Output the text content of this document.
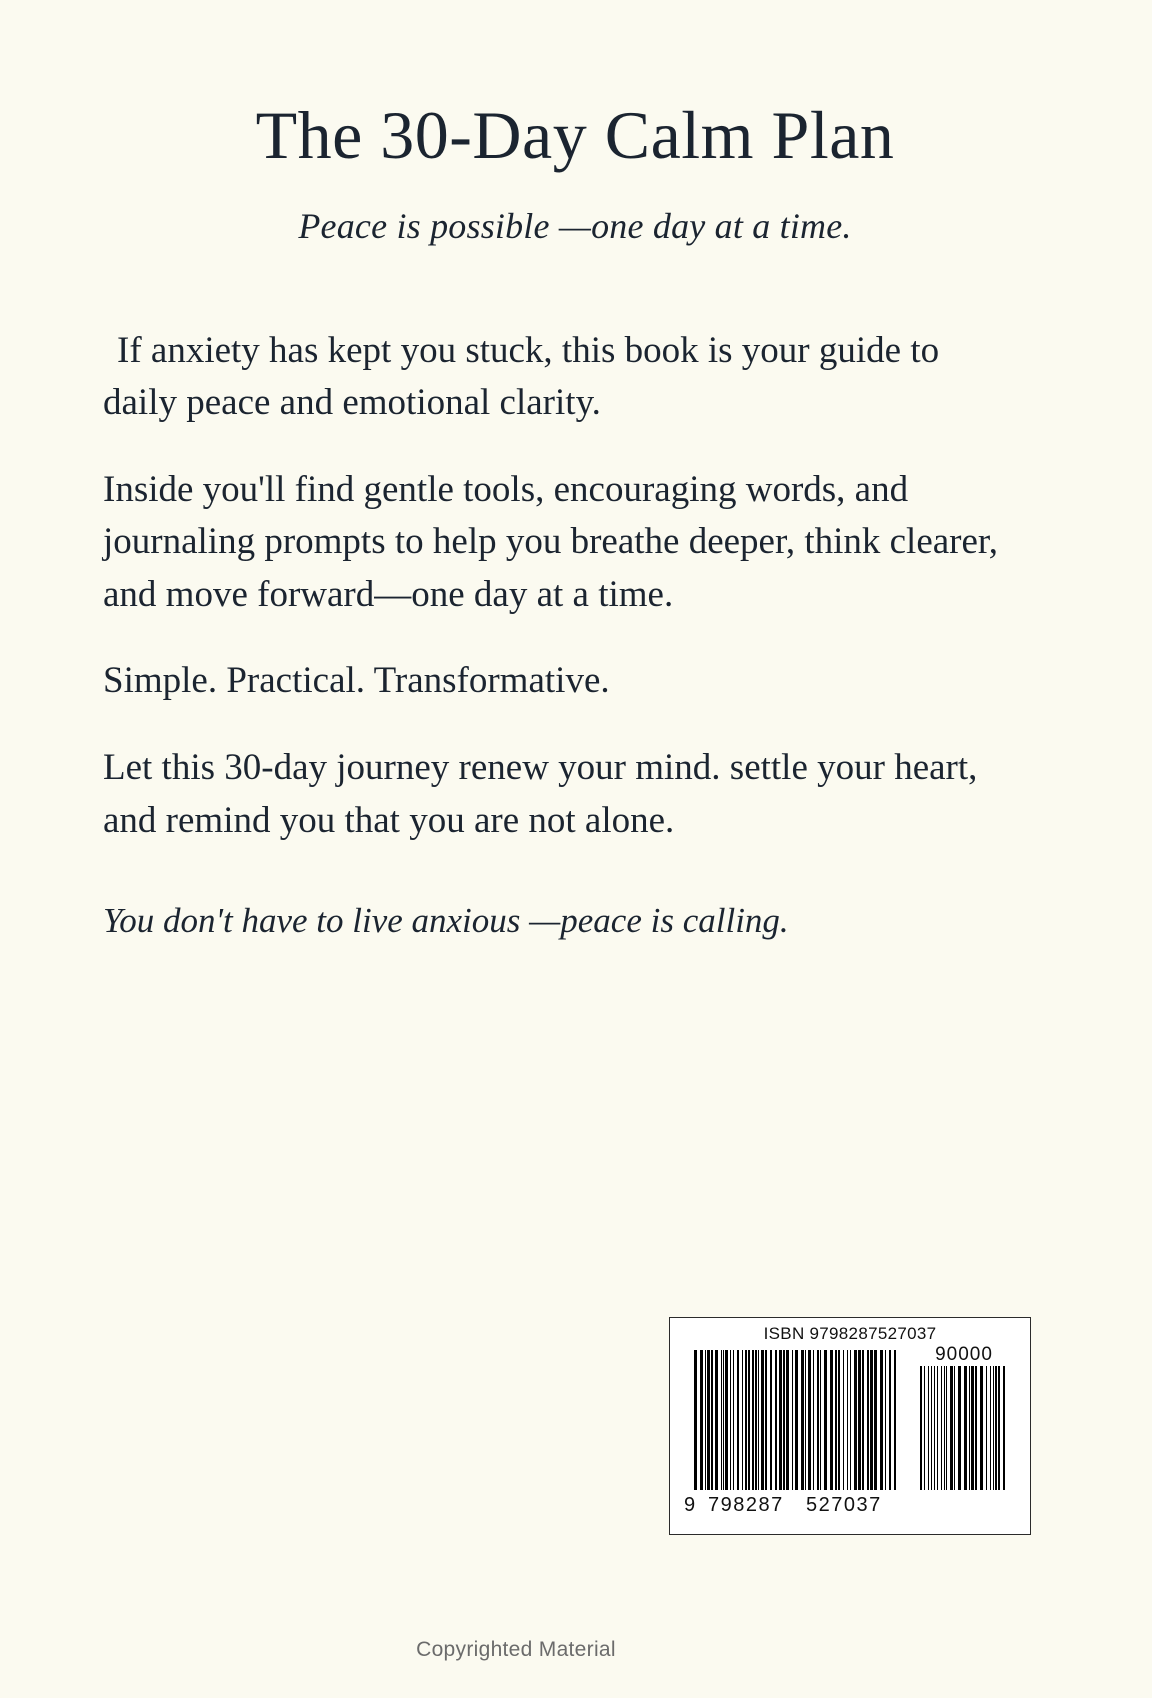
The 30-Day Calm Plan
Peace is possible —one day at a time.

If anxiety has kept you stuck, this book is your guide to daily peace and emotional clarity.

Inside you'll find gentle tools, encouraging words, and journaling prompts to help you breathe deeper, think clearer, and move forward—one day at a time.

Simple. Practical. Transformative.

Let this 30-day journey renew your mind. settle your heart, and remind you that you are not alone.

You don't have to live anxious —peace is calling.

ISBN 9798287527037
90000
9 798287 527037
Copyrighted Material
